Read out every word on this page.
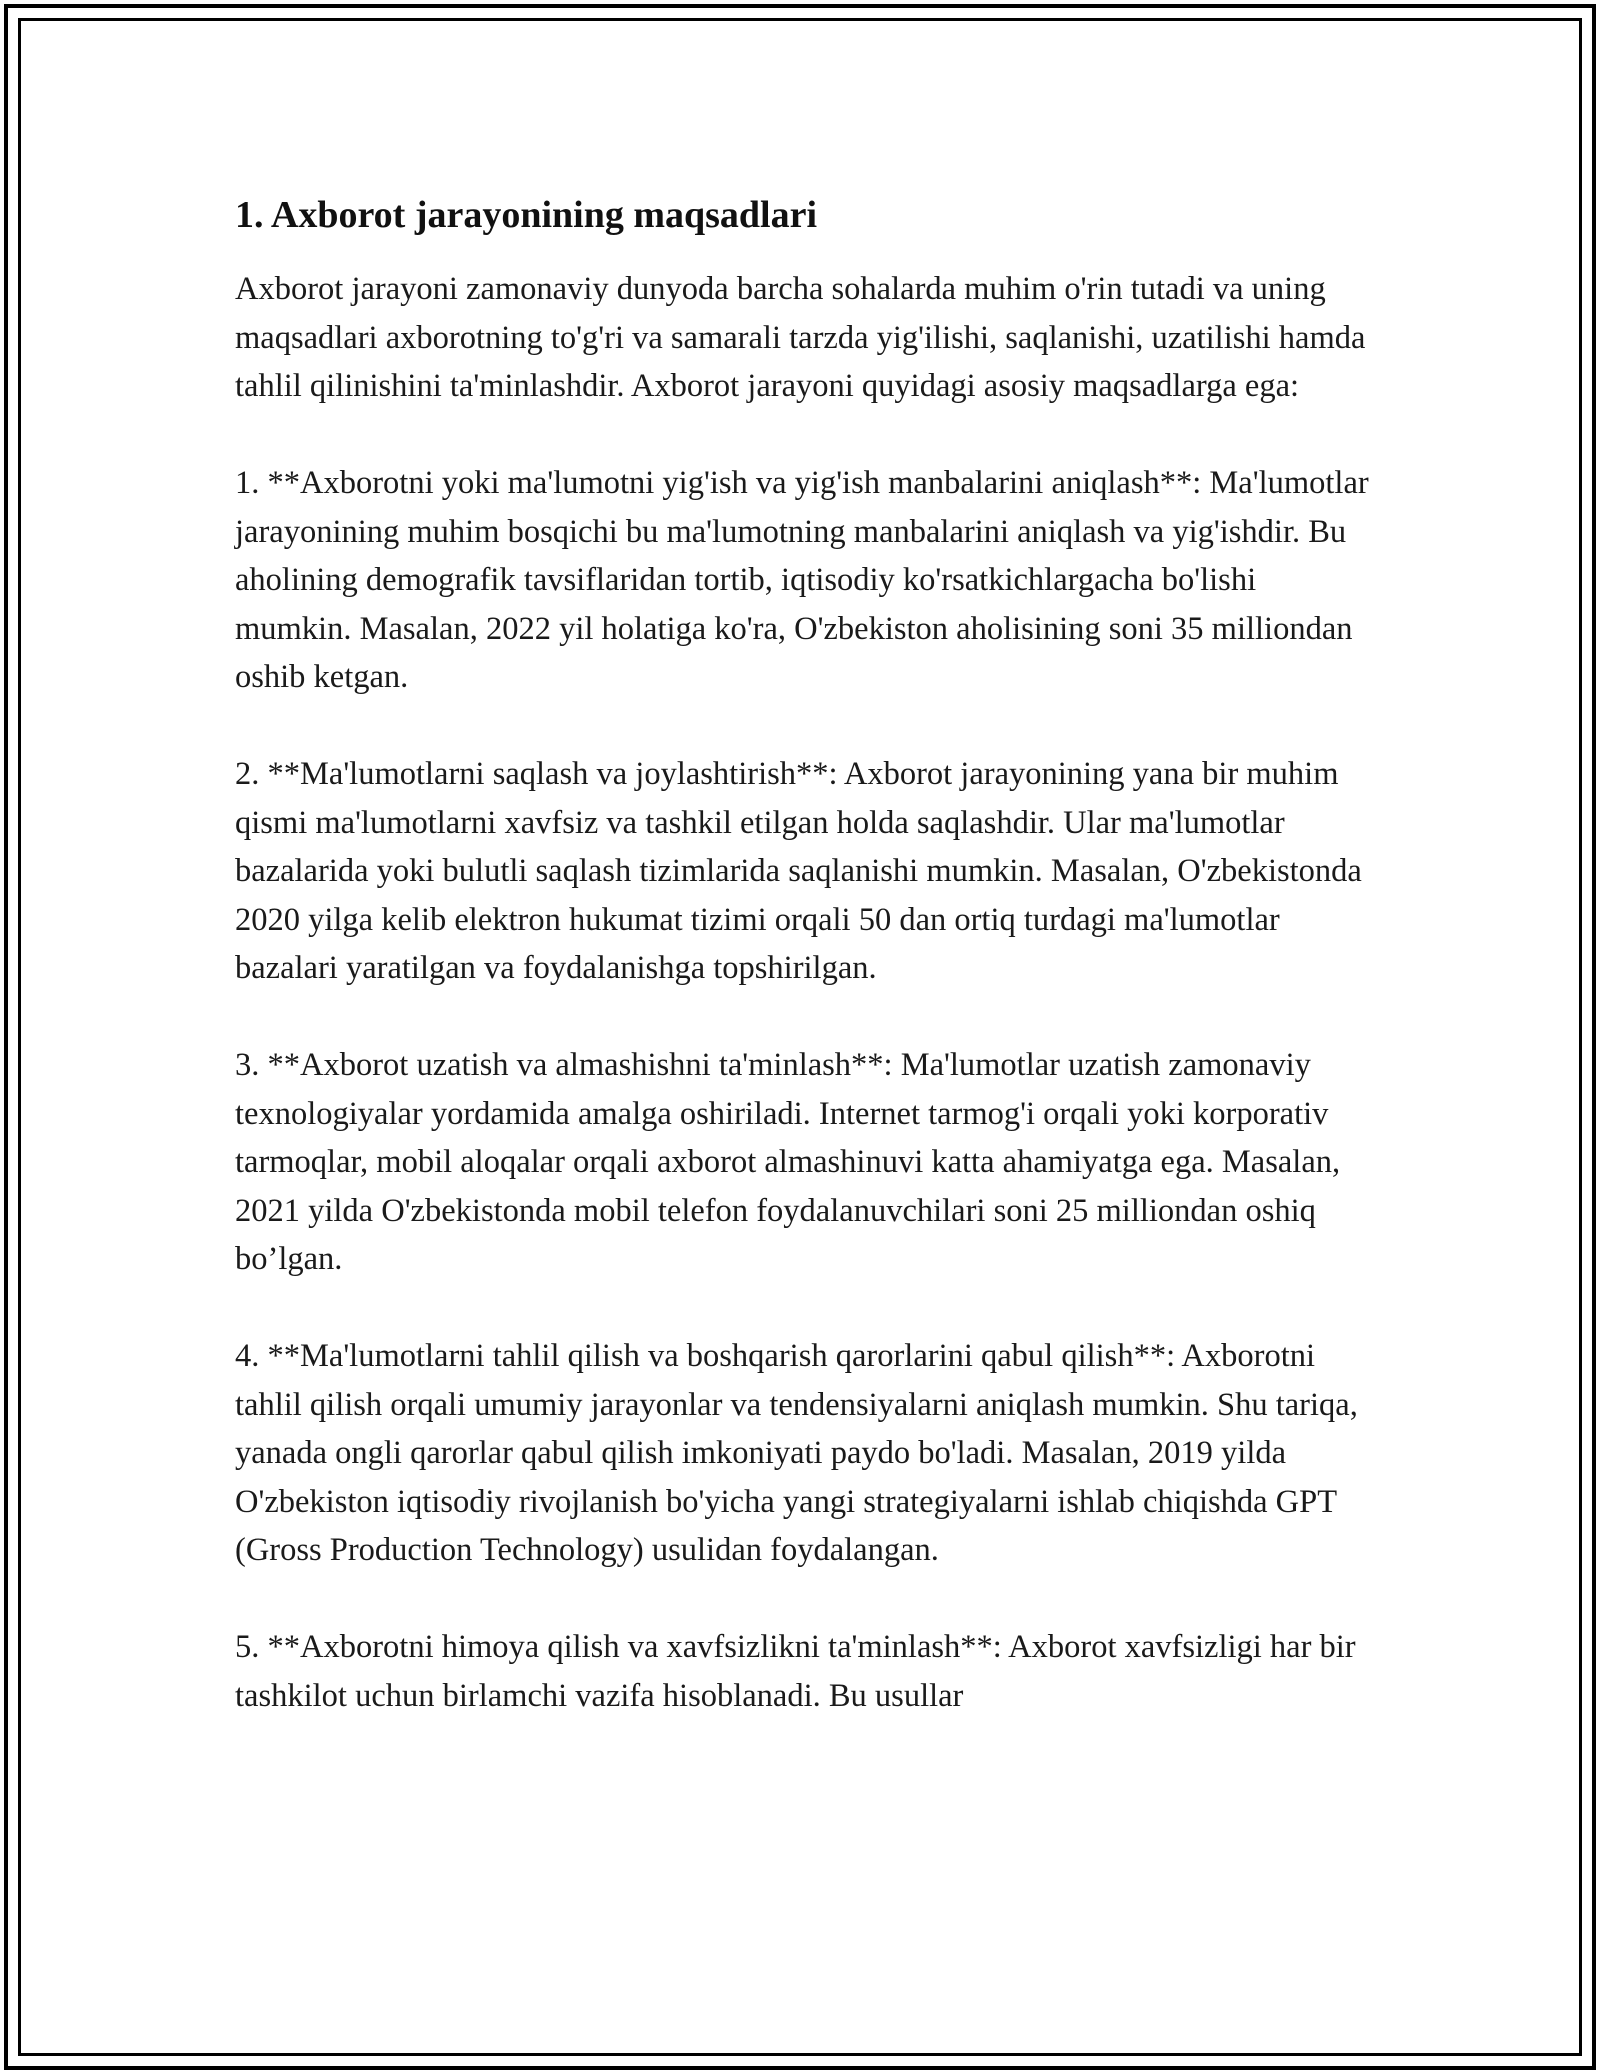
1. Axborot jarayonining maqsadlari

Axborot jarayoni zamonaviy dunyoda barcha sohalarda muhim o'rin tutadi va uning maqsadlari axborotning to'g'ri va samarali tarzda yig'ilishi, saqlanishi, uzatilishi hamda tahlil qilinishini ta'minlashdir. Axborot jarayoni quyidagi asosiy maqsadlarga ega:

1. **Axborotni yoki ma'lumotni yig'ish va yig'ish manbalarini aniqlash**: Ma'lumotlar jarayonining muhim bosqichi bu ma'lumotning manbalarini aniqlash va yig'ishdir. Bu aholining demografik tavsiflaridan tortib, iqtisodiy ko'rsatkichlargacha bo'lishi mumkin. Masalan, 2022 yil holatiga ko'ra, O'zbekiston aholisining soni 35 milliondan oshib ketgan.

2. **Ma'lumotlarni saqlash va joylashtirish**: Axborot jarayonining yana bir muhim qismi ma'lumotlarni xavfsiz va tashkil etilgan holda saqlashdir. Ular ma'lumotlar bazalarida yoki bulutli saqlash tizimlarida saqlanishi mumkin. Masalan, O'zbekistonda 2020 yilga kelib elektron hukumat tizimi orqali 50 dan ortiq turdagi ma'lumotlar bazalari yaratilgan va foydalanishga topshirilgan.

3. **Axborot uzatish va almashishni ta'minlash**: Ma'lumotlar uzatish zamonaviy texnologiyalar yordamida amalga oshiriladi. Internet tarmog'i orqali yoki korporativ tarmoqlar, mobil aloqalar orqali axborot almashinuvi katta ahamiyatga ega. Masalan, 2021 yilda O'zbekistonda mobil telefon foydalanuvchilari soni 25 milliondan oshiq bo’lgan.

4. **Ma'lumotlarni tahlil qilish va boshqarish qarorlarini qabul qilish**: Axborotni tahlil qilish orqali umumiy jarayonlar va tendensiyalarni aniqlash mumkin. Shu tariqa, yanada ongli qarorlar qabul qilish imkoniyati paydo bo'ladi. Masalan, 2019 yilda O'zbekiston iqtisodiy rivojlanish bo'yicha yangi strategiyalarni ishlab chiqishda GPT (Gross Production Technology) usulidan foydalangan.

5. **Axborotni himoya qilish va xavfsizlikni ta'minlash**: Axborot xavfsizligi har bir tashkilot uchun birlamchi vazifa hisoblanadi. Bu usullar
